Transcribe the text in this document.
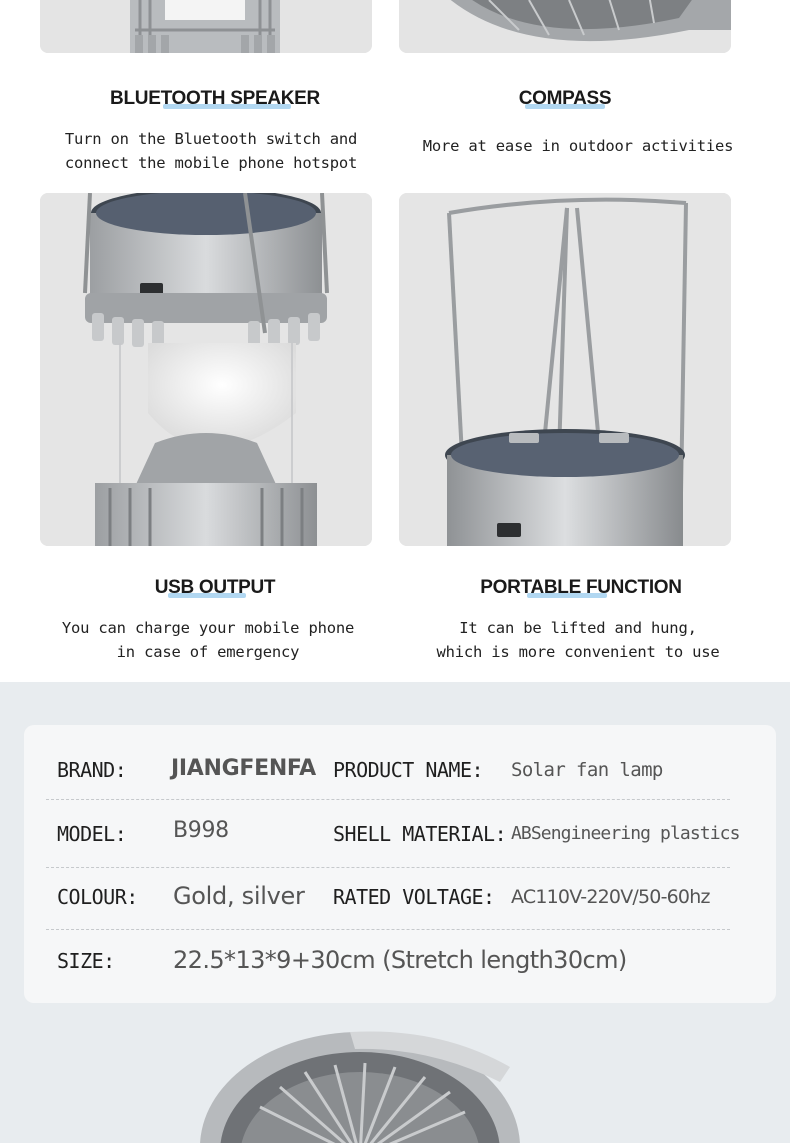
BLUETOOTH SPEAKER
Turn on the Bluetooth switch and
connect the mobile phone hotspot
COMPASS
More at ease in outdoor activities
USB OUTPUT
You can charge your mobile phone
in case of emergency
PORTABLE FUNCTION
It can be lifted and hung,
which is more convenient to use
BRAND: JIANGFENFA PRODUCT NAME: Solar fan lamp
MODEL: B998	SHELL MATERIAL: ABSengineering plastics
COLOUR: Gold, silver RATED VOLTAGE: AC110V-220V/50-60hz
SIZE: 22.5*13*9+30cm (Stretch length30cm)
